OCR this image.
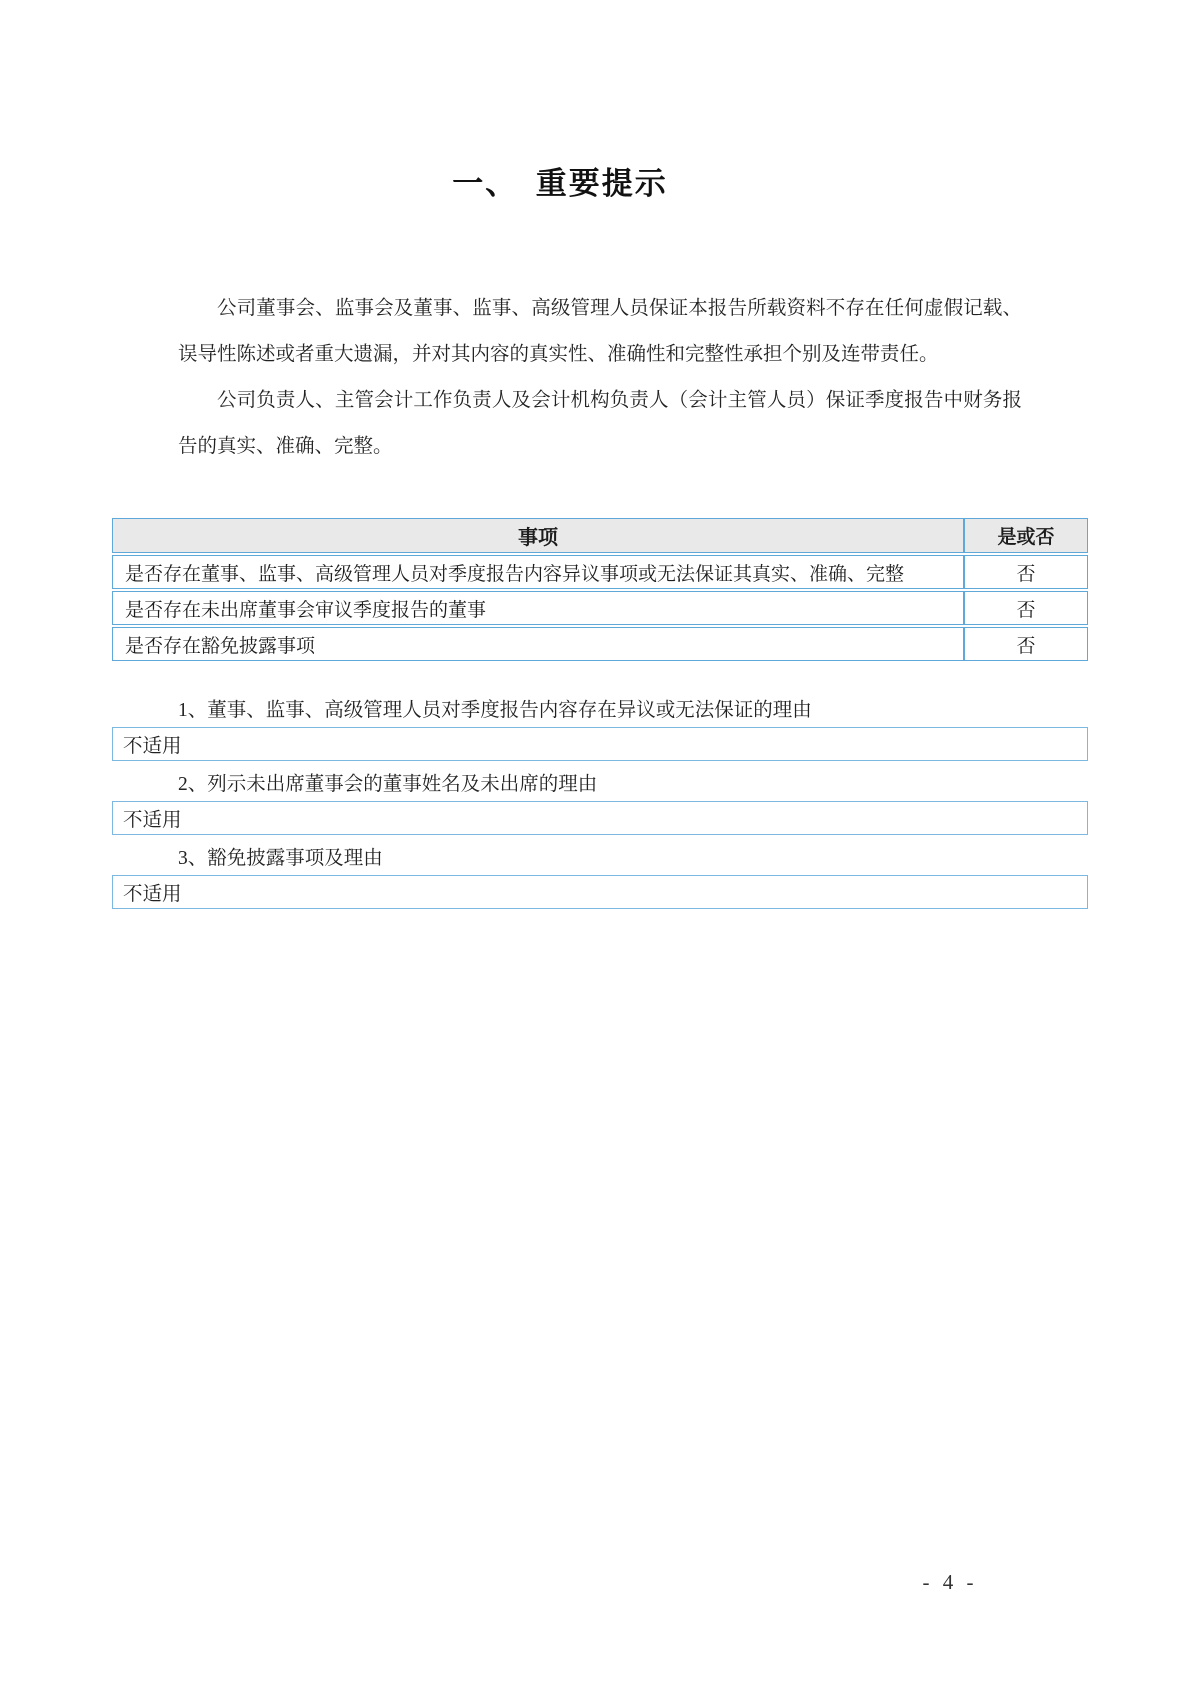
一、　重要提示

公司董事会、监事会及董事、监事、高级管理人员保证本报告所载资料不存在任何虚假记载、误导性陈述或者重大遗漏，并对其内容的真实性、准确性和完整性承担个别及连带责任。

公司负责人、主管会计工作负责人及会计机构负责人（会计主管人员）保证季度报告中财务报告的真实、准确、完整。

事项	是或否
是否存在董事、监事、高级管理人员对季度报告内容异议事项或无法保证其真实、准确、完整	否
是否存在未出席董事会审议季度报告的董事	否
是否存在豁免披露事项	否
1、董事、监事、高级管理人员对季度报告内容存在异议或无法保证的理由
不适用
2、列示未出席董事会的董事姓名及未出席的理由
不适用
3、豁免披露事项及理由
不适用
- 4 -
